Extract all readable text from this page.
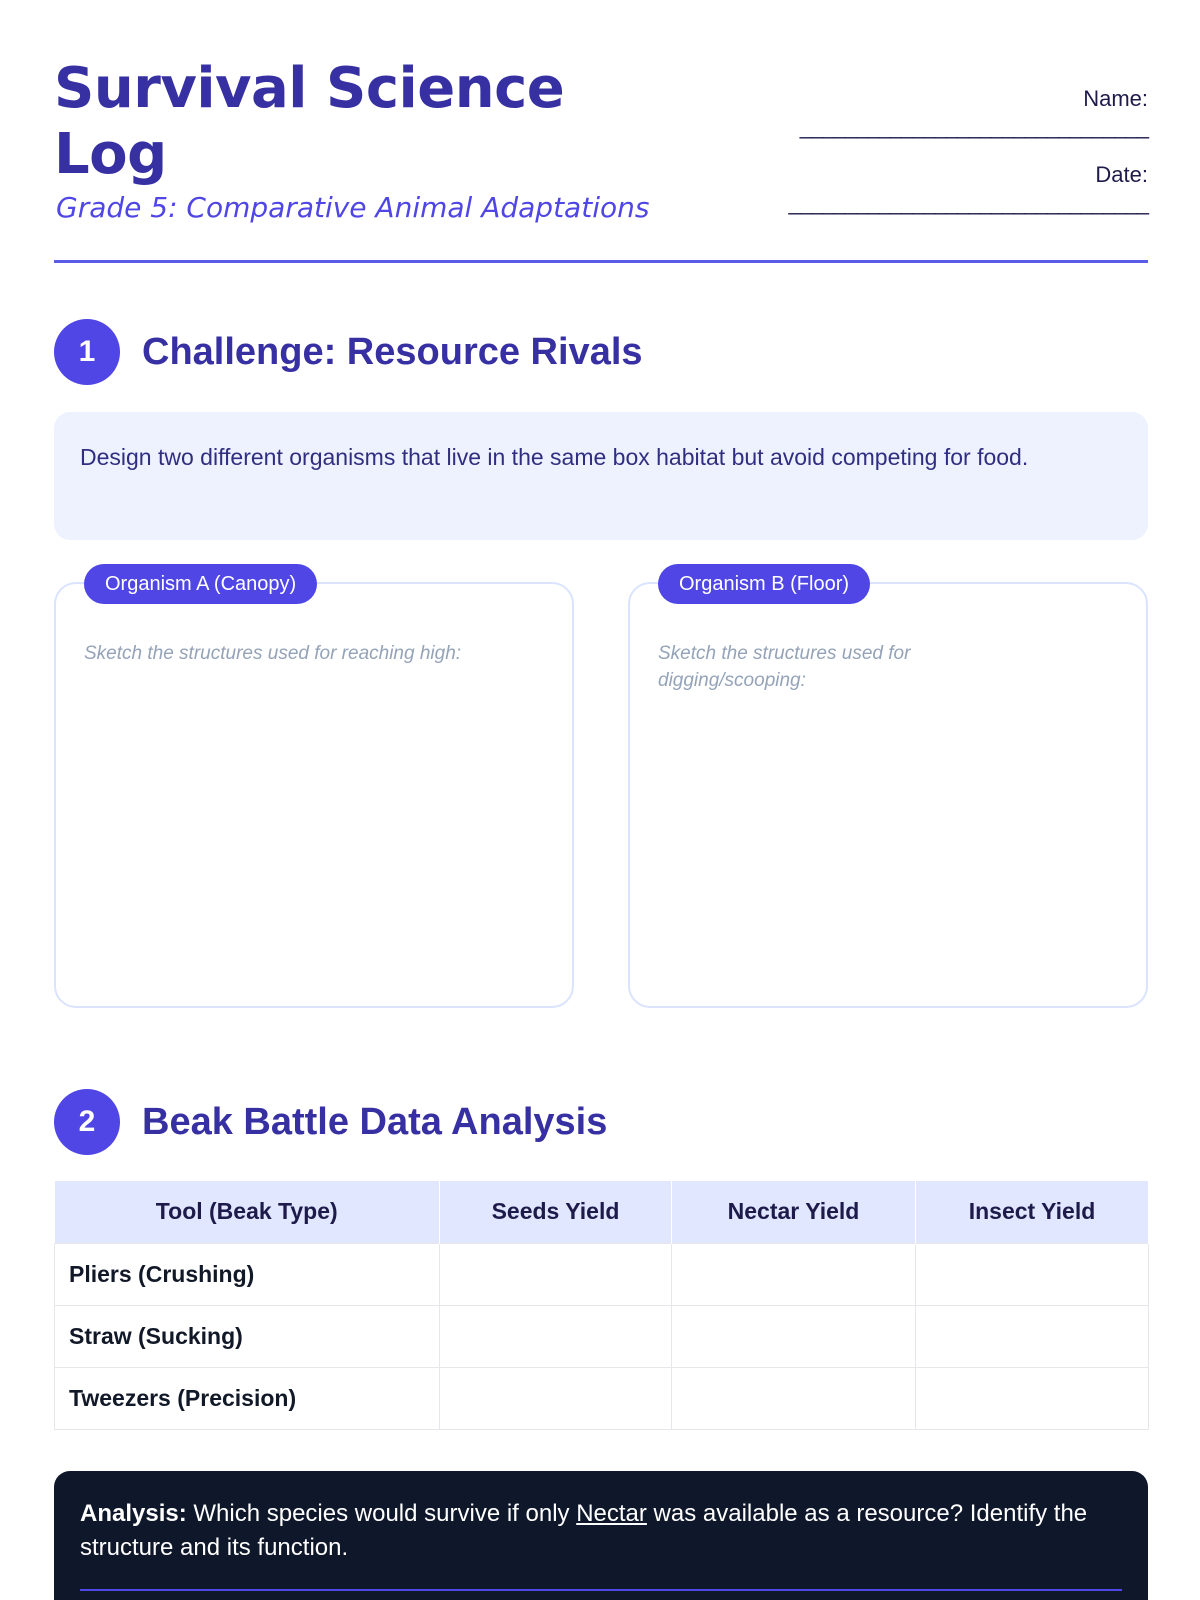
Survival Science Log
Grade 5: Comparative Animal Adaptations
Name:
_______________________________
Date:
________________________________
1	Challenge: Resource Rivals
Design two different organisms that live in the same box habitat but avoid competing for food.
Organism A (Canopy)
Sketch the structures used for reaching high:
Organism B (Floor)
Sketch the structures used for digging/scooping:
2	Beak Battle Data Analysis
Tool (Beak Type)	Seeds Yield	Nectar Yield	Insect Yield
Pliers (Crushing)			
Straw (Sucking)			
Tweezers (Precision)			
Analysis: Which species would survive if only Nectar was available as a resource? Identify the structure and its function.
